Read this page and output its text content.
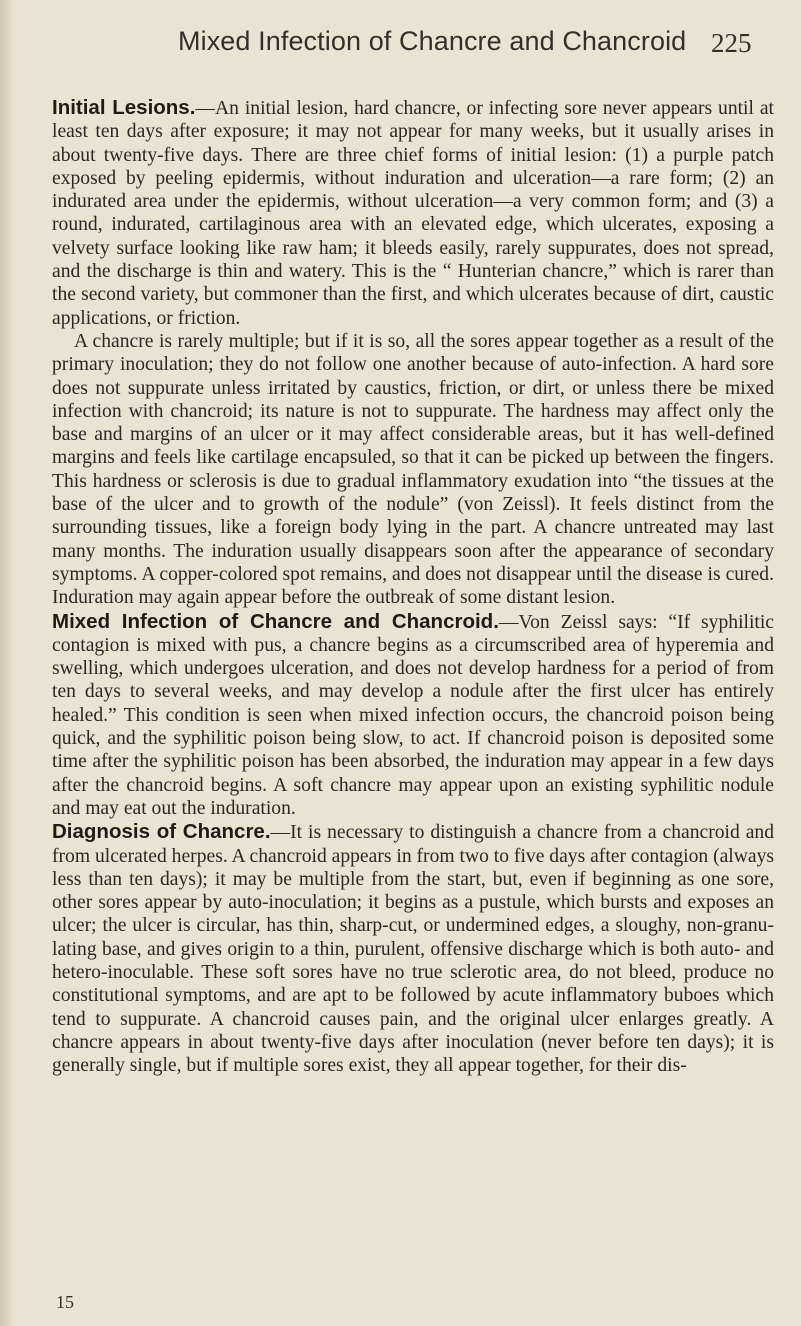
Mixed Infection of Chancre and Chancroid 225

Initial Lesions.—An initial lesion, hard chancre, or infecting sore never appears until at least ten days after exposure; it may not appear for many weeks, but it usually arises in about twenty-five days. There are three chief forms of initial lesion: (1) a purple patch exposed by peeling epidermis, without induration and ulceration—a rare form; (2) an indurated area under the epidermis, without ulceration—a very common form; and (3) a round, indurated, cartilaginous area with an elevated edge, which ulcerates, exposing a velvety surface looking like raw ham; it bleeds easily, rarely suppurates, does not spread, and the discharge is thin and watery. This is the “ Hunterian chancre,” which is rarer than the second variety, but commoner than the first, and which ulcerates because of dirt, caustic applications, or friction.

A chancre is rarely multiple; but if it is so, all the sores appear together as a result of the primary inoculation; they do not follow one another because of auto-infection. A hard sore does not suppurate unless irritated by caustics, friction, or dirt, or unless there be mixed infection with chancroid; its nature is not to suppurate. The hardness may affect only the base and margins of an ulcer or it may affect considerable areas, but it has well-defined margins and feels like cartilage encapsuled, so that it can be picked up between the fingers. This hardness or sclerosis is due to gradual inflammatory exudation into “the tissues at the base of the ulcer and to growth of the nodule” (von Zeissl). It feels distinct from the surrounding tissues, like a foreign body lying in the part. A chancre untreated may last many months. The induration usually disappears soon after the appearance of secondary symptoms. A copper-colored spot remains, and does not disappear until the disease is cured. Induration may again appear before the outbreak of some distant lesion.

Mixed Infection of Chancre and Chancroid.—Von Zeissl says: “If syphilitic contagion is mixed with pus, a chancre begins as a circumscribed area of hyperemia and swelling, which undergoes ulceration, and does not develop hardness for a period of from ten days to several weeks, and may develop a nodule after the first ulcer has entirely healed.” This condition is seen when mixed infection occurs, the chancroid poison being quick, and the syphilitic poison being slow, to act. If chancroid poison is deposited some time after the syphilitic poison has been absorbed, the induration may appear in a few days after the chancroid begins. A soft chancre may appear upon an existing syphilitic nodule and may eat out the induration.

Diagnosis of Chancre.—It is necessary to distinguish a chancre from a chancroid and from ulcerated herpes. A chancroid appears in from two to five days after contagion (always less than ten days); it may be multiple from the start, but, even if beginning as one sore, other sores appear by auto-inoculation; it begins as a pustule, which bursts and exposes an ulcer; the ulcer is circular, has thin, sharp-cut, or undermined edges, a sloughy, non-granulating base, and gives origin to a thin, purulent, offensive discharge which is both auto- and hetero-inoculable. These soft sores have no true sclerotic area, do not bleed, produce no constitutional symptoms, and are apt to be followed by acute inflammatory buboes which tend to suppurate. A chancroid causes pain, and the original ulcer enlarges greatly. A chancre appears in about twenty-five days after inoculation (never before ten days); it is generally single, but if multiple sores exist, they all appear together, for their dis-

15
